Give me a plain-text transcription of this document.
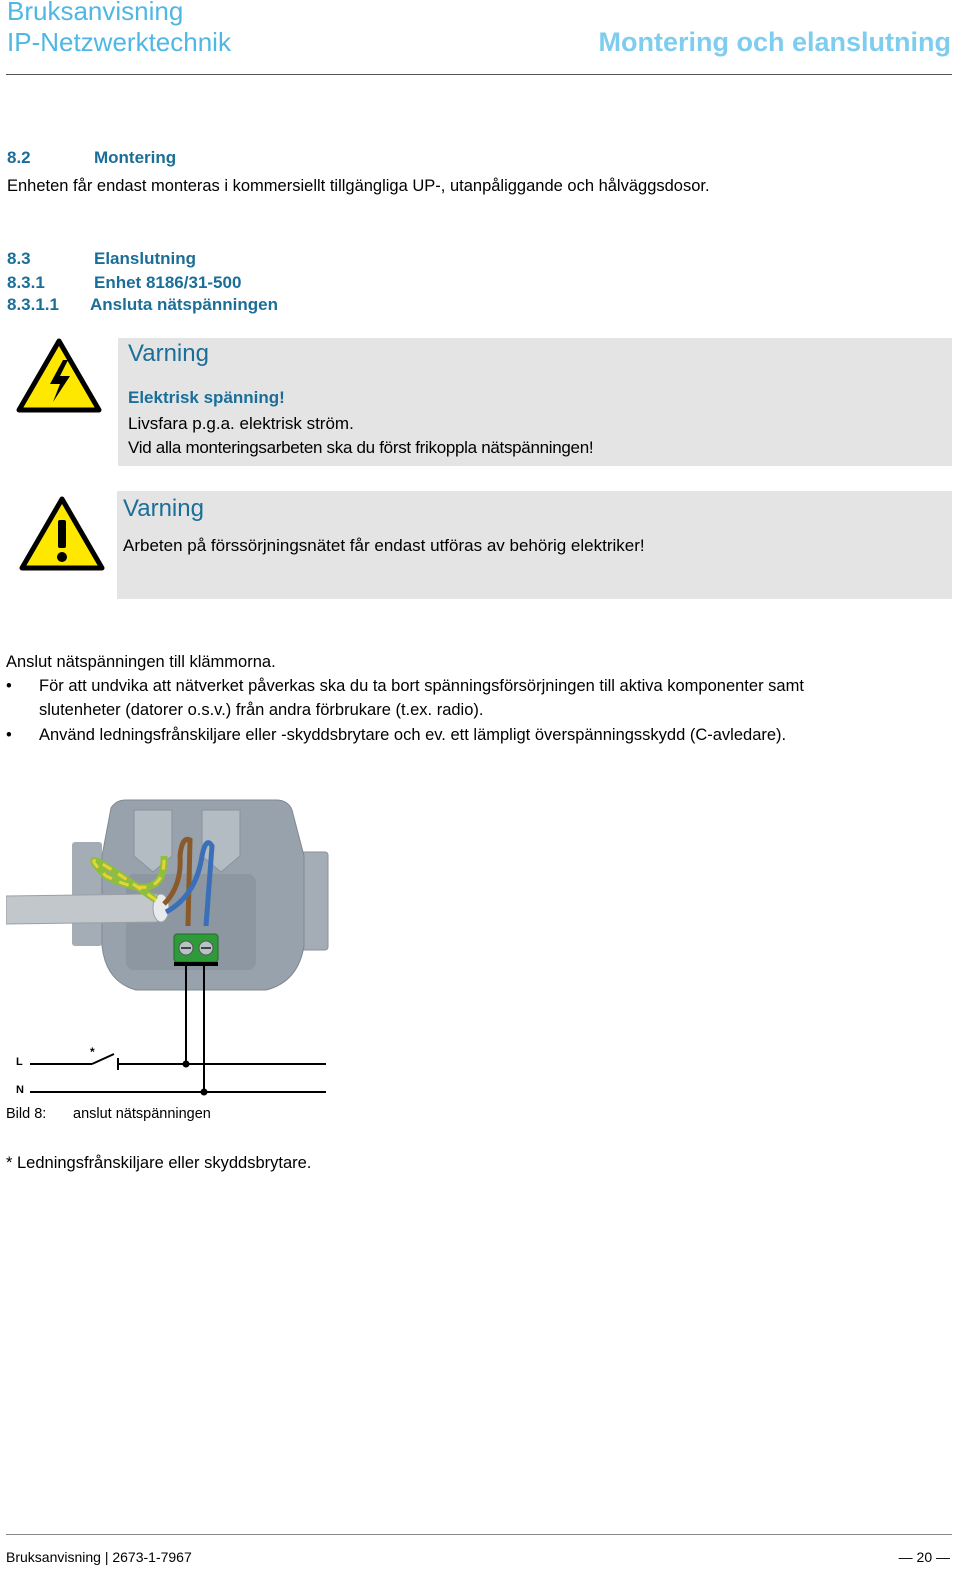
Bruksanvisning
IP-Netzwerktechnik	Montering och elanslutning
8.2	Montering
Enheten får endast monteras i kommersiellt tillgängliga UP-, utanpåliggande och hålväggsdosor.
8.3	Elanslutning
8.3.1	Enhet 8186/31-500
8.3.1.1 Ansluta nätspänningen
Varning
Elektrisk spänning!
Livsfara p.g.a. elektrisk ström.
Vid alla monteringsarbeten ska du först frikoppla nätspänningen!
Varning
Arbeten på förssörjningsnätet får endast utföras av behörig elektriker!
Anslut nätspänningen till klämmorna.
• För att undvika att nätverket påverkas ska du ta bort spänningsförsörjningen till aktiva komponenter samt
slutenheter (datorer o.s.v.) från andra förbrukare (t.ex. radio).
• Använd ledningsfrånskiljare eller -skyddsbrytare och ev. ett lämpligt överspänningsskydd (C-avledare).
L
N
*
Bild 8: anslut nätspänningen
* Ledningsfrånskiljare eller skyddsbrytare.
Bruksanvisning | 2673-1-7967	— 20 —
